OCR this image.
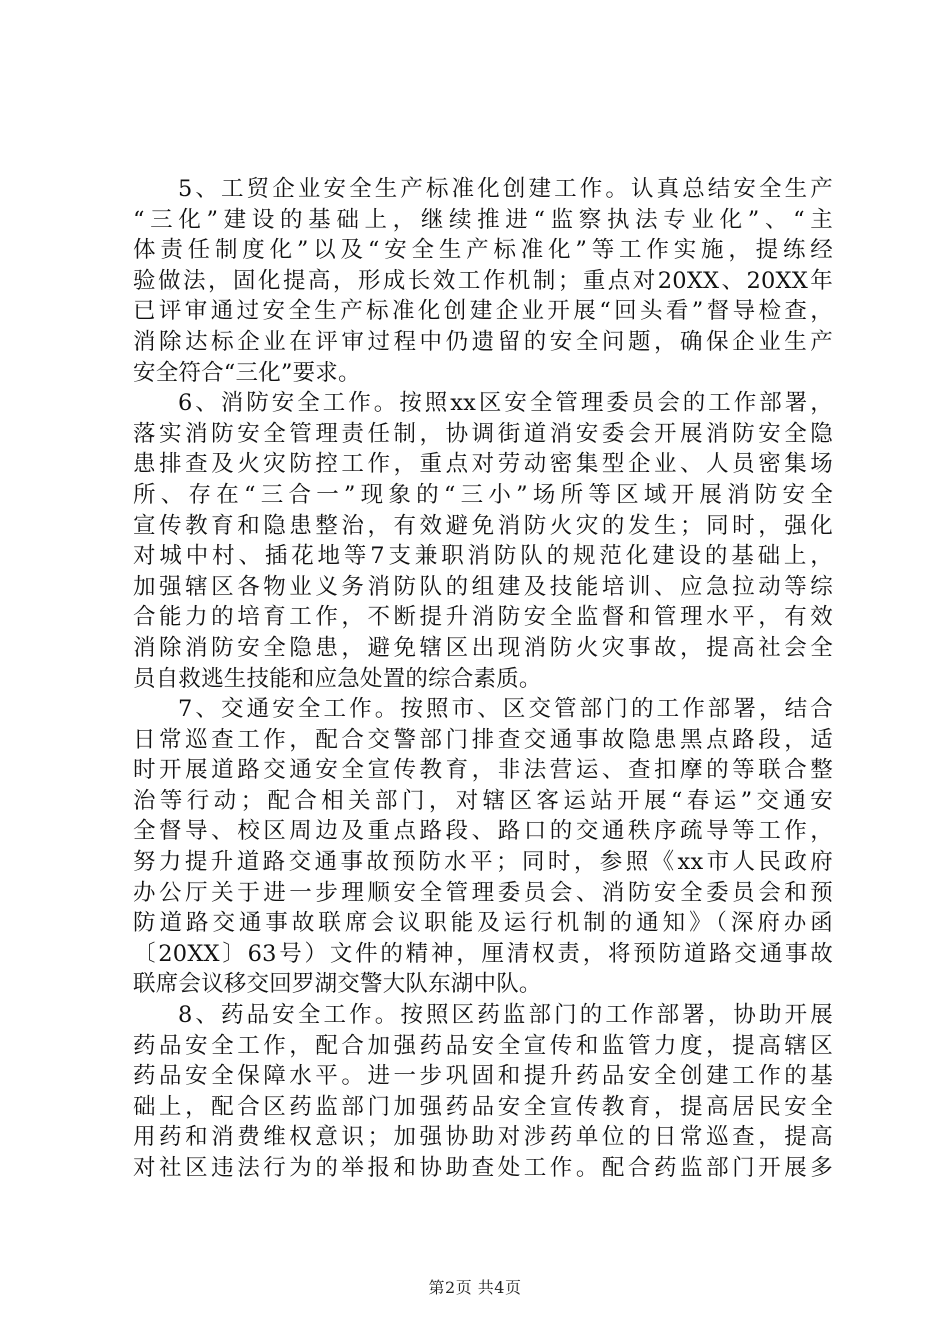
5、工贸企业安全生产标准化创建工作。认真总结安全生产
“三化”建设的基础上，继续推进“监察执法专业化”、“主
体责任制度化”以及“安全生产标准化”等工作实施，提练经
验做法，固化提高，形成长效工作机制；重点对20XX、20XX年
已评审通过安全生产标准化创建企业开展“回头看”督导检查，
消除达标企业在评审过程中仍遗留的安全问题，确保企业生产
安全符合“三化”要求。
6、消防安全工作。按照xx区安全管理委员会的工作部署，
落实消防安全管理责任制，协调街道消安委会开展消防安全隐
患排查及火灾防控工作，重点对劳动密集型企业、人员密集场
所、存在“三合一”现象的“三小”场所等区域开展消防安全
宣传教育和隐患整治，有效避免消防火灾的发生；同时，强化
对城中村、插花地等7支兼职消防队的规范化建设的基础上，
加强辖区各物业义务消防队的组建及技能培训、应急拉动等综
合能力的培育工作，不断提升消防安全监督和管理水平，有效
消除消防安全隐患，避免辖区出现消防火灾事故，提高社会全
员自救逃生技能和应急处置的综合素质。
7、交通安全工作。按照市、区交管部门的工作部署，结合
日常巡查工作，配合交警部门排查交通事故隐患黑点路段，适
时开展道路交通安全宣传教育，非法营运、查扣摩的等联合整
治等行动；配合相关部门，对辖区客运站开展“春运”交通安
全督导、校区周边及重点路段、路口的交通秩序疏导等工作，
努力提升道路交通事故预防水平；同时，参照《xx市人民政府
办公厅关于进一步理顺安全管理委员会、消防安全委员会和预
防道路交通事故联席会议职能及运行机制的通知》（深府办函
〔20XX〕63号）文件的精神，厘清权责，将预防道路交通事故
联席会议移交回罗湖交警大队东湖中队。
8、药品安全工作。按照区药监部门的工作部署，协助开展
药品安全工作，配合加强药品安全宣传和监管力度，提高辖区
药品安全保障水平。进一步巩固和提升药品安全创建工作的基
础上，配合区药监部门加强药品安全宣传教育，提高居民安全
用药和消费维权意识；加强协助对涉药单位的日常巡查，提高
对社区违法行为的举报和协助查处工作。配合药监部门开展多
第2页 共4页
